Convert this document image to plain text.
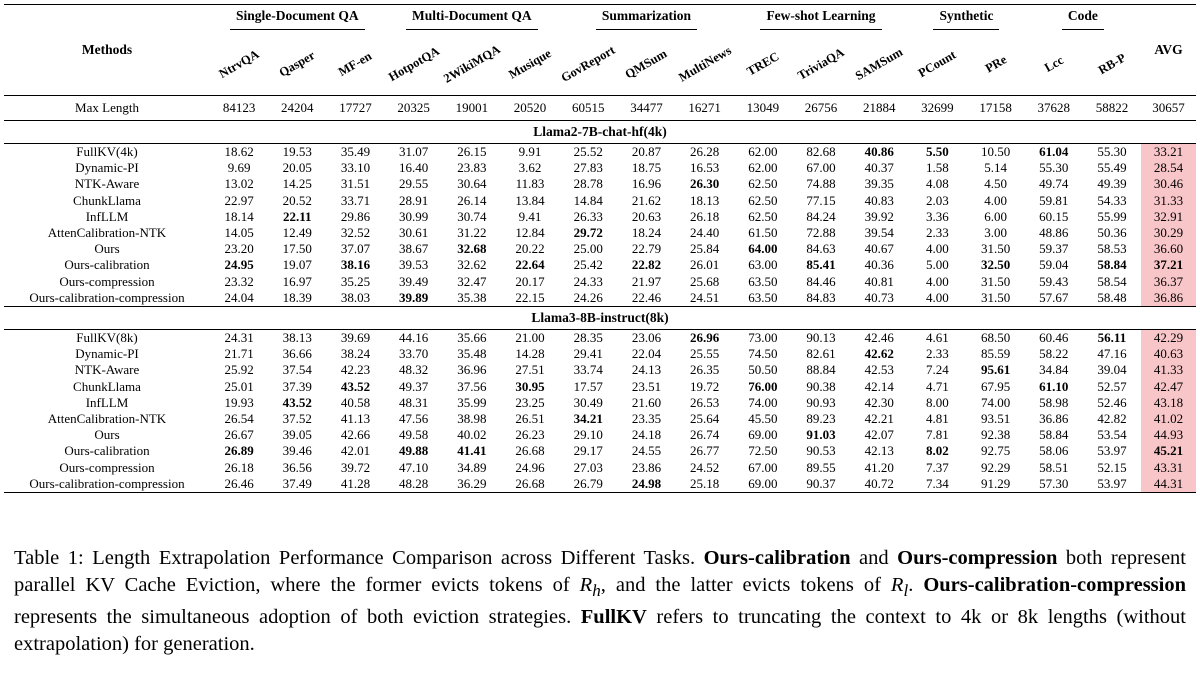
Methods	Single-Document QA			Multi-Document QA			Summarization			Few-shot Learning			Synthetic		Code		AVG

	NtrvQA	Qasper	MF-en	HotpotQA	2WikiMQA	Musique	GovReport	QMSum	MultiNews	TREC	TriviaQA	SAMSum	PCount	PRe	Lcc	RB-P	

Max Length	84123	24204	17727	20325	19001	20520	60515	34477	16271	13049	26756	21884	32699	17158	37628	58822	30657
Llama2-7B-chat-hf(4k)																	
FullKV(4k)	18.62	19.53	35.49	31.07	26.15	9.91	25.52	20.87	26.28	62.00	82.68	40.86	5.50	10.50	61.04	55.30	33.21
Dynamic-PI	9.69	20.05	33.10	16.40	23.83	3.62	27.83	18.75	16.53	62.00	67.00	40.37	1.58	5.14	55.30	55.49	28.54
NTK-Aware	13.02	14.25	31.51	29.55	30.64	11.83	28.78	16.96	26.30	62.50	74.88	39.35	4.08	4.50	49.74	49.39	30.46
ChunkLlama	22.97	20.52	33.71	28.91	26.14	13.84	14.84	21.62	18.13	62.50	77.15	40.83	2.03	4.00	59.81	54.33	31.33
InfLLM	18.14	22.11	29.86	30.99	30.74	9.41	26.33	20.63	26.18	62.50	84.24	39.92	3.36	6.00	60.15	55.99	32.91
AttenCalibration-NTK	14.05	12.49	32.52	30.61	31.22	12.84	29.72	18.24	24.40	61.50	72.88	39.54	2.33	3.00	48.86	50.36	30.29
Ours	23.20	17.50	37.07	38.67	32.68	20.22	25.00	22.79	25.84	64.00	84.63	40.67	4.00	31.50	59.37	58.53	36.60
Ours-calibration	24.95	19.07	38.16	39.53	32.62	22.64	25.42	22.82	26.01	63.00	85.41	40.36	5.00	32.50	59.04	58.84	37.21
Ours-compression	23.32	16.97	35.25	39.49	32.47	20.17	24.33	21.97	25.68	63.50	84.46	40.81	4.00	31.50	59.43	58.54	36.37
Ours-calibration-compression	24.04	18.39	38.03	39.89	35.38	22.15	24.26	22.46	24.51	63.50	84.83	40.73	4.00	31.50	57.67	58.48	36.86
Llama3-8B-instruct(8k)																	
FullKV(8k)	24.31	38.13	39.69	44.16	35.66	21.00	28.35	23.06	26.96	73.00	90.13	42.46	4.61	68.50	60.46	56.11	42.29
Dynamic-PI	21.71	36.66	38.24	33.70	35.48	14.28	29.41	22.04	25.55	74.50	82.61	42.62	2.33	85.59	58.22	47.16	40.63
NTK-Aware	25.92	37.54	42.23	48.32	36.96	27.51	33.74	24.13	26.35	50.50	88.84	42.53	7.24	95.61	34.84	39.04	41.33
ChunkLlama	25.01	37.39	43.52	49.37	37.56	30.95	17.57	23.51	19.72	76.00	90.38	42.14	4.71	67.95	61.10	52.57	42.47
InfLLM	19.93	43.52	40.58	48.31	35.99	23.25	30.49	21.60	26.53	74.00	90.93	42.30	8.00	74.00	58.98	52.46	43.18
AttenCalibration-NTK	26.54	37.52	41.13	47.56	38.98	26.51	34.21	23.35	25.64	45.50	89.23	42.21	4.81	93.51	36.86	42.82	41.02
Ours	26.67	39.05	42.66	49.58	40.02	26.23	29.10	24.18	26.74	69.00	91.03	42.07	7.81	92.38	58.84	53.54	44.93
Ours-calibration	26.89	39.46	42.01	49.88	41.41	26.68	29.17	24.55	26.77	72.50	90.53	42.13	8.02	92.75	58.06	53.97	45.21
Ours-compression	26.18	36.56	39.72	47.10	34.89	24.96	27.03	23.86	24.52	67.00	89.55	41.20	7.37	92.29	58.51	52.15	43.31
Ours-calibration-compression	26.46	37.49	41.28	48.28	36.29	26.68	26.79	24.98	25.18	69.00	90.37	40.72	7.34	91.29	57.30	53.97	44.31
Table 1: Length Extrapolation Performance Comparison across Different Tasks. Ours-calibration and Ours-compression both represent parallel KV Cache Eviction, where the former evicts tokens of $R_h$, and the latter evicts tokens of $R_l$. Ours-calibration-compression represents the simultaneous adoption of both eviction strategies. FullKV refers to truncating the context to 4k or 8k lengths (without extrapolation) for generation.
